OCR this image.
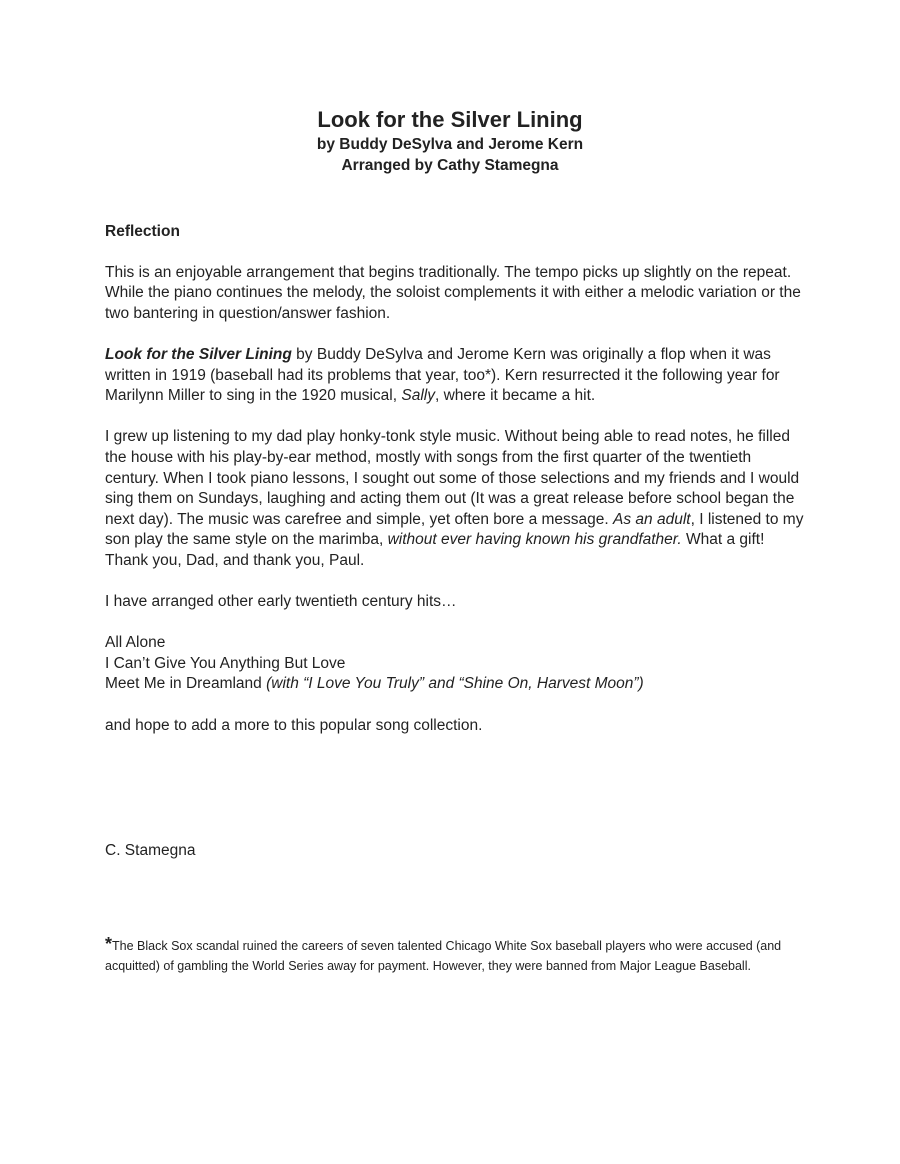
Look for the Silver Lining
by Buddy DeSylva and Jerome Kern
Arranged by Cathy Stamegna
Reflection

This is an enjoyable arrangement that begins traditionally. The tempo picks up slightly on the repeat. While the piano continues the melody, the soloist complements it with either a melodic variation or the two bantering in question/answer fashion.

Look for the Silver Lining by Buddy DeSylva and Jerome Kern was originally a flop when it was written in 1919 (baseball had its problems that year, too*). Kern resurrected it the following year for Marilynn Miller to sing in the 1920 musical, Sally, where it became a hit.

I grew up listening to my dad play honky-tonk style music. Without being able to read notes, he filled the house with his play-by-ear method, mostly with songs from the first quarter of the twentieth century. When I took piano lessons, I sought out some of those selections and my friends and I would sing them on Sundays, laughing and acting them out (It was a great release before school began the next day). The music was carefree and simple, yet often bore a message. As an adult, I listened to my son play the same style on the marimba, without ever having known his grandfather. What a gift! Thank you, Dad, and thank you, Paul.

I have arranged other early twentieth century hits…

All Alone
I Can’t Give You Anything But Love
Meet Me in Dreamland (with “I Love You Truly” and “Shine On, Harvest Moon”)

and hope to add a more to this popular song collection.

C. Stamegna
*The Black Sox scandal ruined the careers of seven talented Chicago White Sox baseball players who were accused (and acquitted) of gambling the World Series away for payment. However, they were banned from Major League Baseball.
